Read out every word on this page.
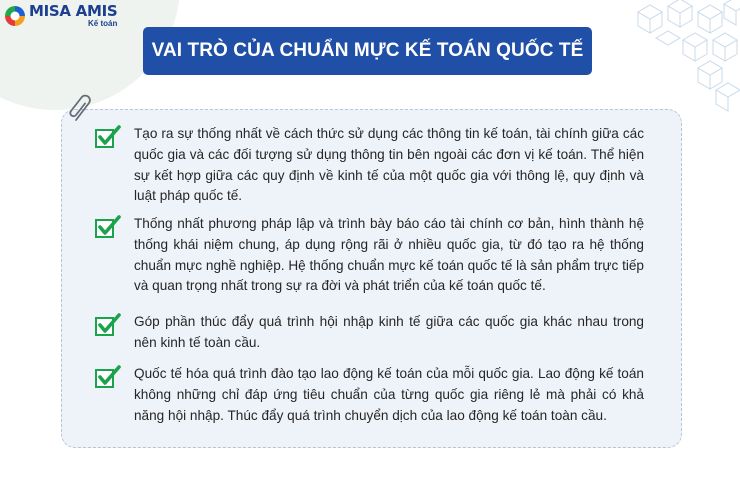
MISA AMIS
Kế toán
VAI TRÒ CỦA CHUẨN MỰC KẾ TOÁN QUỐC TẾ
Tạo ra sự thống nhất về cách thức sử dụng các thông tin kế toán, tài chính giữa các quốc gia và các đối tượng sử dụng thông tin bên ngoài các đơn vị kế toán. Thể hiện sự kết hợp giữa các quy định về kinh tế của một quốc gia với thông lệ, quy định và luật pháp quốc tế.
Thống nhất phương pháp lập và trình bày báo cáo tài chính cơ bản, hình thành hệ thống khái niệm chung, áp dụng rộng rãi ở nhiều quốc gia, từ đó tạo ra hệ thống chuẩn mực nghề nghiệp. Hệ thống chuẩn mực kế toán quốc tế là sản phẩm trực tiếp và quan trọng nhất trong sự ra đời và phát triển của kế toán quốc tế.
Góp phần thúc đẩy quá trình hội nhập kinh tế giữa các quốc gia khác nhau trong nên kinh tế toàn cầu.
Quốc tế hóa quá trình đào tạo lao động kế toán của mỗi quốc gia. Lao động kế toán không những chỉ đáp ứng tiêu chuẩn của từng quốc gia riêng lẻ mà phải có khả năng hội nhập. Thúc đẩy quá trình chuyển dịch của lao động kế toán toàn cầu.
